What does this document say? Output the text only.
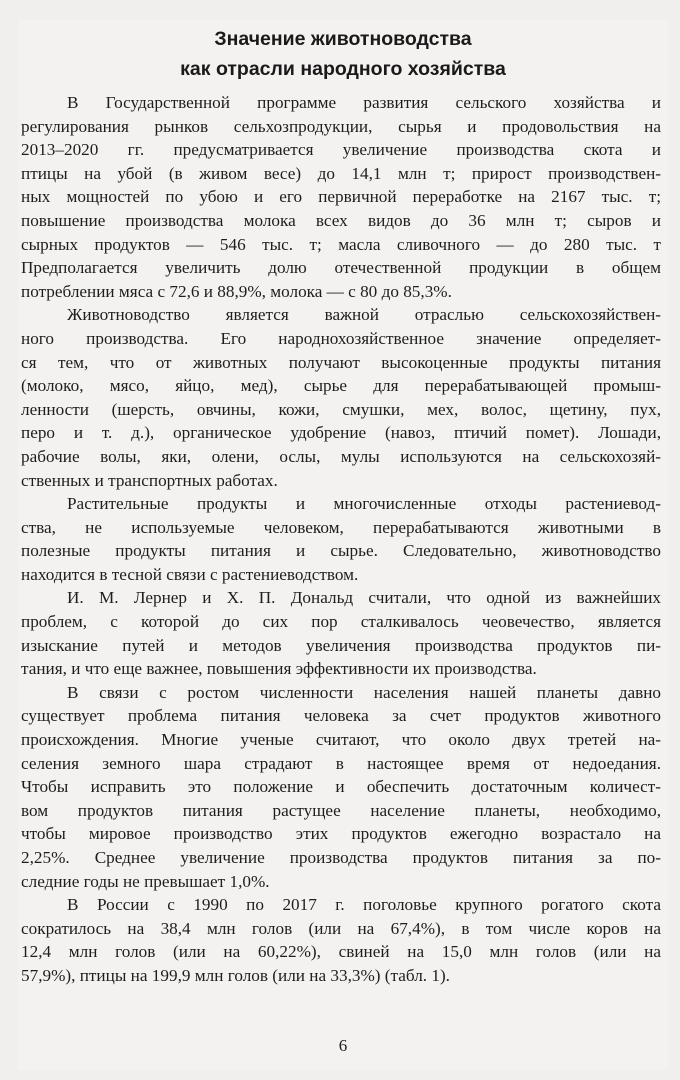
Значение животноводства
как отрасли народного хозяйства

В Государственной программе развития сельского хозяйства и
регулирования рынков сельхозпродукции, сырья и продовольствия на
2013–2020 гг. предусматривается увеличение производства скота и
птицы на убой (в живом весе) до 14,1 млн т; прирост производствен-
ных мощностей по убою и его первичной переработке на 2167 тыс. т;
повышение производства молока всех видов до 36 млн т; сыров и
сырных продуктов — 546 тыс. т; масла сливочного — до 280 тыс. т
Предполагается увеличить долю отечественной продукции в общем
потреблении мяса с 72,6 и 88,9%, молока — с 80 до 85,3%.

Животноводство является важной отраслью сельскохозяйствен-
ного производства. Его народнохозяйственное значение определяет-
ся тем, что от животных получают высокоценные продукты питания
(молоко, мясо, яйцо, мед), сырье для перерабатывающей промыш-
ленности (шерсть, овчины, кожи, смушки, мех, волос, щетину, пух,
перо и т. д.), органическое удобрение (навоз, птичий помет). Лошади,
рабочие волы, яки, олени, ослы, мулы используются на сельскохозяй-
ственных и транспортных работах.

Растительные продукты и многочисленные отходы растениевод-
ства, не используемые человеком, перерабатываются животными в
полезные продукты питания и сырье. Следовательно, животноводство
находится в тесной связи с растениеводством.

И. М. Лернер и Х. П. Дональд считали, что одной из важнейших
проблем, с которой до сих пор сталкивалось чеовечество, является
изыскание путей и методов увеличения производства продуктов пи-
тания, и что еще важнее, повышения эффективности их производства.

В связи с ростом численности населения нашей планеты давно
существует проблема питания человека за счет продуктов животного
происхождения. Многие ученые считают, что около двух третей на-
селения земного шара страдают в настоящее время от недоедания.
Чтобы исправить это положение и обеспечить достаточным количест-
вом продуктов питания растущее население планеты, необходимо,
чтобы мировое производство этих продуктов ежегодно возрастало на
2,25%. Среднее увеличение производства продуктов питания за по-
следние годы не превышает 1,0%.

В России с 1990 по 2017 г. поголовье крупного рогатого скота
сократилось на 38,4 млн голов (или на 67,4%), в том числе коров на
12,4 млн голов (или на 60,22%), свиней на 15,0 млн голов (или на
57,9%), птицы на 199,9 млн голов (или на 33,3%) (табл. 1).

6
